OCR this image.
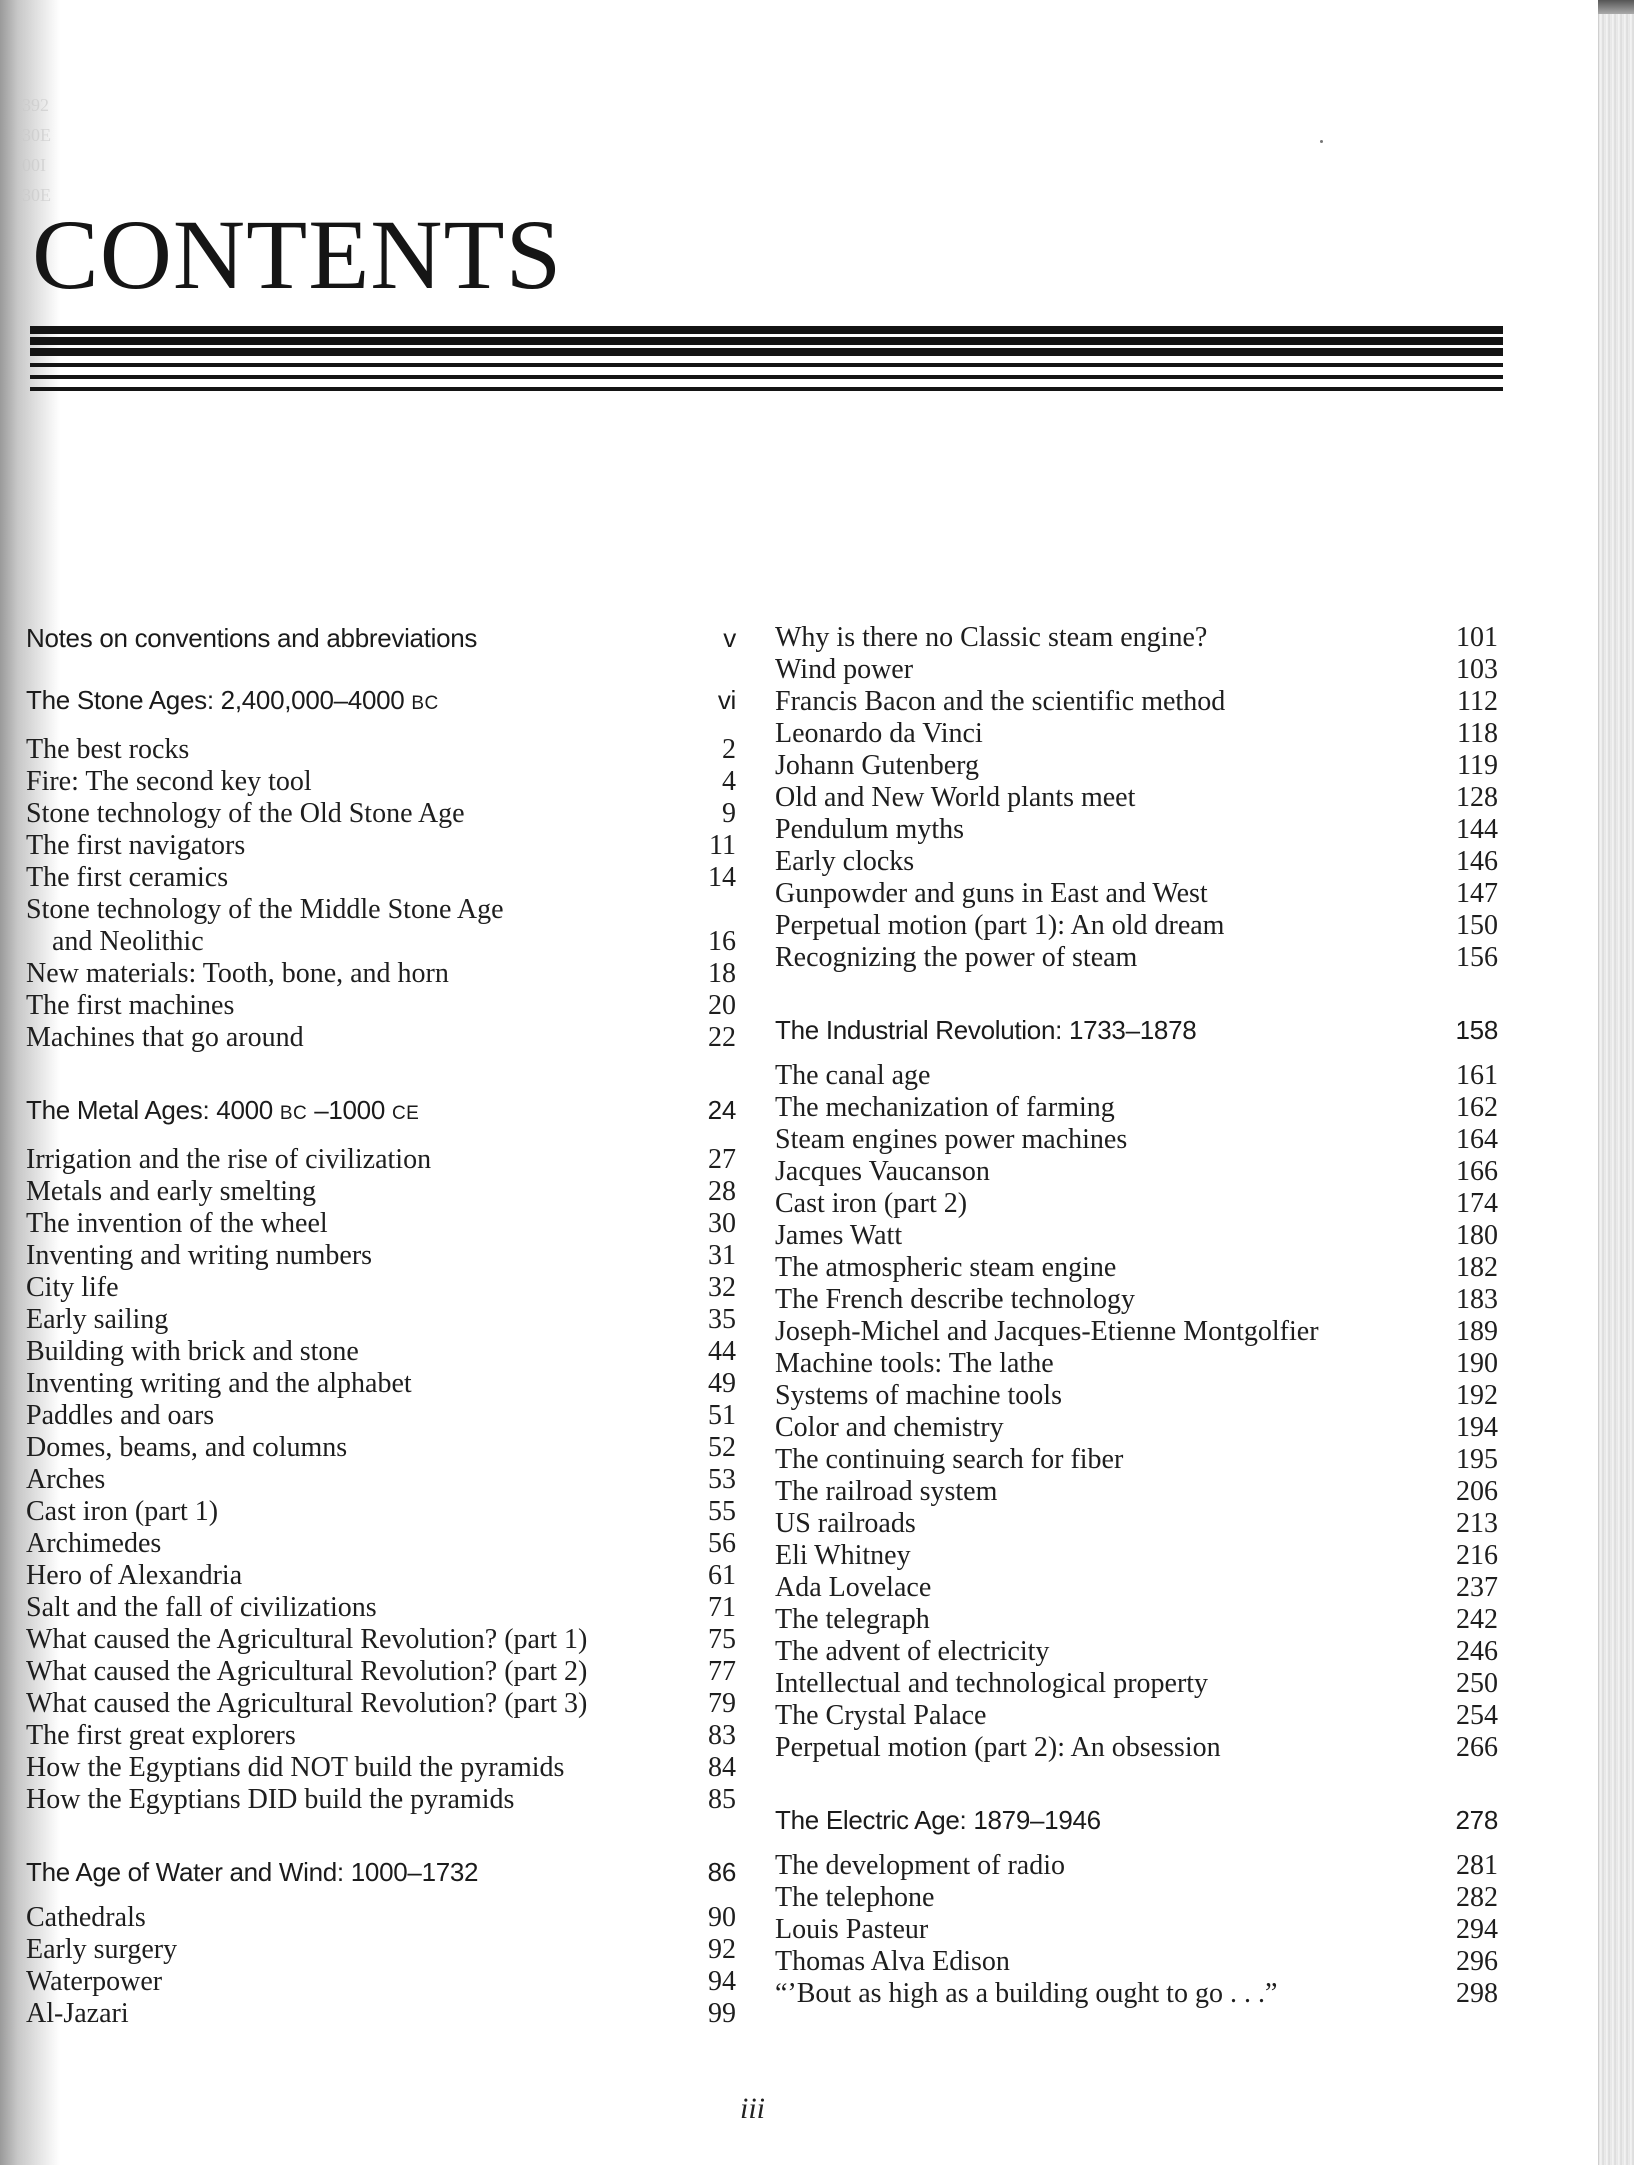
CONTENTS
Notes on conventions and abbreviations	v
The Stone Ages: 2,400,000–4000 BC	vi
The best rocks	2
Fire: The second key tool	4
Stone technology of the Old Stone Age	9
The first navigators	11
The first ceramics	14
Stone technology of the Middle Stone Age
and Neolithic	16
New materials: Tooth, bone, and horn	18
The first machines	20
Machines that go around	22
The Metal Ages: 4000 BC –1000 CE	24
Irrigation and the rise of civilization	27
Metals and early smelting	28
The invention of the wheel	30
Inventing and writing numbers	31
City life	32
Early sailing	35
Building with brick and stone	44
Inventing writing and the alphabet	49
Paddles and oars	51
Domes, beams, and columns	52
Arches	53
Cast iron (part 1)	55
Archimedes	56
Hero of Alexandria	61
Salt and the fall of civilizations	71
What caused the Agricultural Revolution? (part 1)	75
What caused the Agricultural Revolution? (part 2)	77
What caused the Agricultural Revolution? (part 3)	79
The first great explorers	83
How the Egyptians did NOT build the pyramids	84
How the Egyptians DID build the pyramids	85
The Age of Water and Wind: 1000–1732	86
Cathedrals	90
Early surgery	92
Waterpower	94
Al-Jazari	99
Why is there no Classic steam engine?	101
Wind power	103
Francis Bacon and the scientific method	112
Leonardo da Vinci	118
Johann Gutenberg	119
Old and New World plants meet	128
Pendulum myths	144
Early clocks	146
Gunpowder and guns in East and West	147
Perpetual motion (part 1): An old dream	150
Recognizing the power of steam	156
The Industrial Revolution: 1733–1878	158
The canal age	161
The mechanization of farming	162
Steam engines power machines	164
Jacques Vaucanson	166
Cast iron (part 2)	174
James Watt	180
The atmospheric steam engine	182
The French describe technology	183
Joseph-Michel and Jacques-Etienne Montgolfier	189
Machine tools: The lathe	190
Systems of machine tools	192
Color and chemistry	194
The continuing search for fiber	195
The railroad system	206
US railroads	213
Eli Whitney	216
Ada Lovelace	237
The telegraph	242
The advent of electricity	246
Intellectual and technological property	250
The Crystal Palace	254
Perpetual motion (part 2): An obsession	266
The Electric Age: 1879–1946	278
The development of radio	281
The telephone	282
Louis Pasteur	294
Thomas Alva Edison	296
“’Bout as high as a building ought to go . . .”	298
iii
392
30E
00I
30E
